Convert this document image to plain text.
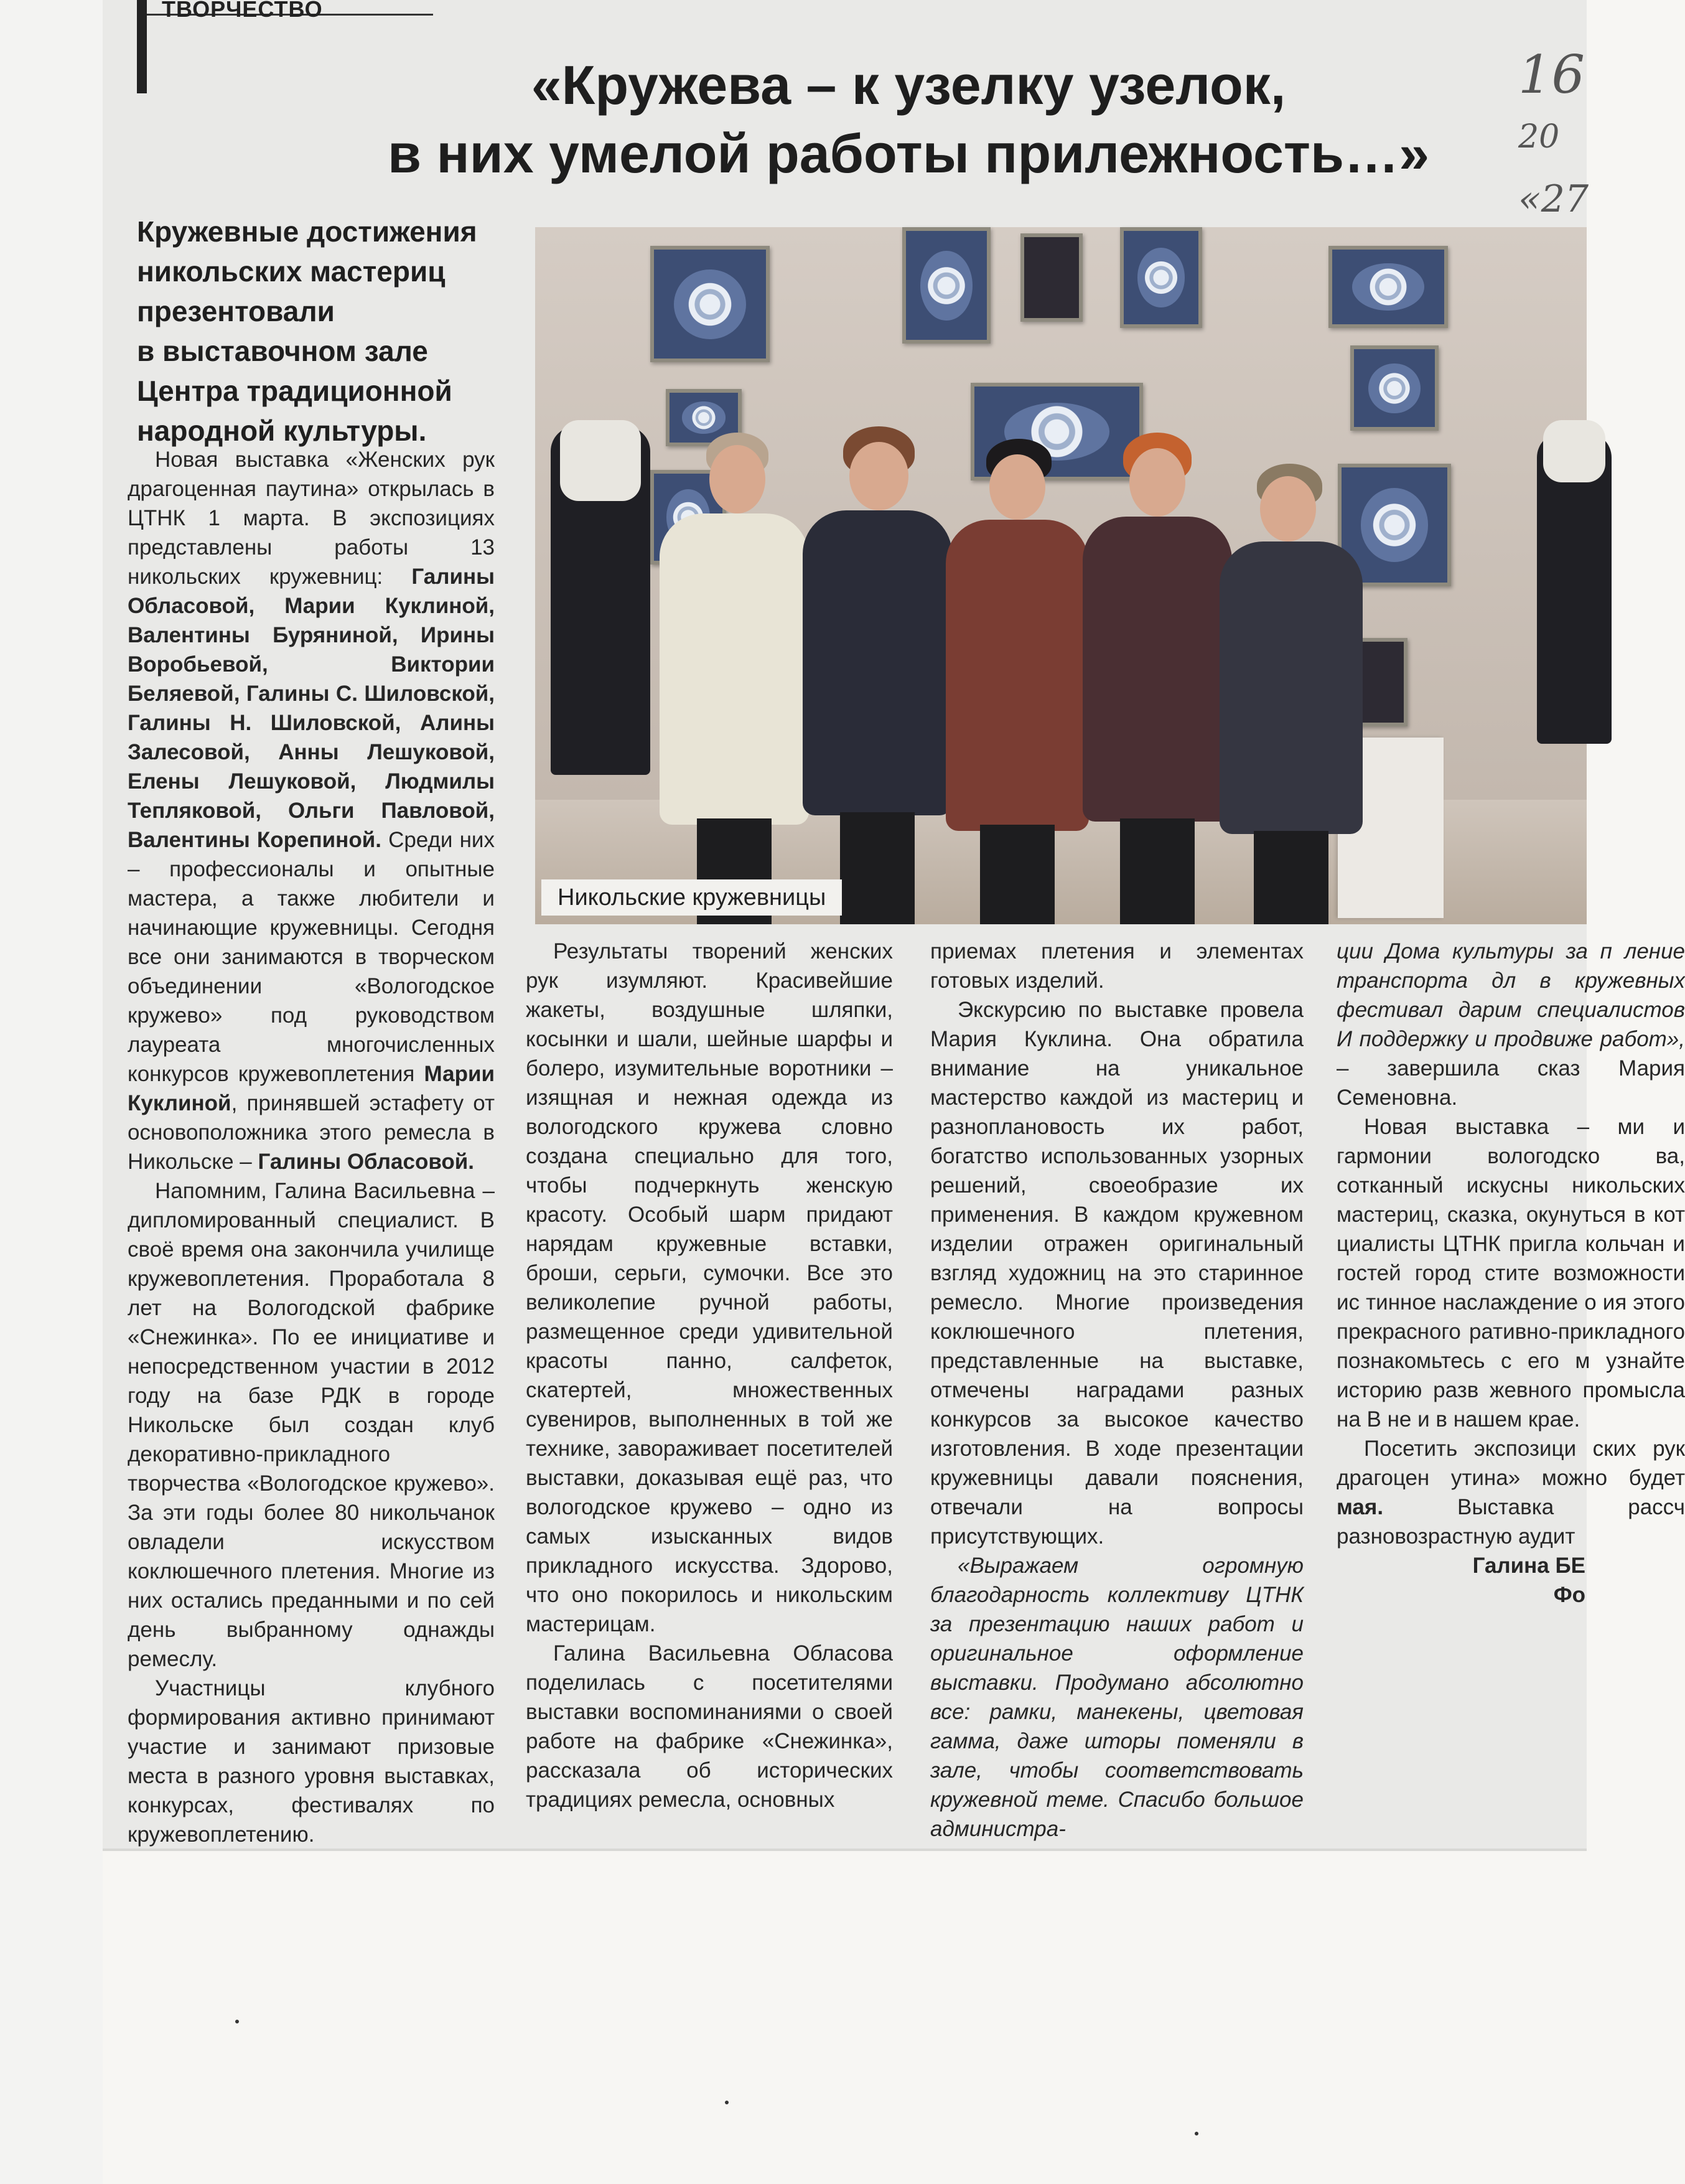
ТВОРЧЕСТВО
16
20
«27
«Кружева – к узелку узелок,
в них умелой работы прилежность…»
Кружевные достижения
никольских мастериц
презентовали
в выставочном зале
Центра традиционной
народной культуры.

Новая выставка «Женских рук драгоценная паутина» открылась в ЦТНК 1 марта. В экспозициях представлены работы 13 никольских кружевниц: Галины Обласовой, Марии Куклиной, Валентины Буряниной, Ирины Воробьевой, Виктории Беляевой, Галины С. Шиловской, Галины Н. Шиловской, Алины Залесовой, Анны Лешуковой, Елены Лешуковой, Людмилы Тепляковой, Ольги Павловой, Валентины Корепиной. Среди них – профессионалы и опытные мастера, а также любители и начинающие кружевницы. Сегодня все они занимаются в творческом объединении «Вологодское кружево» под руководством лауреата многочисленных конкурсов кружевоплетения Марии Куклиной, принявшей эстафету от основоположника этого ремесла в Никольске – Галины Обласовой.

Напомним, Галина Васильевна – дипломированный специалист. В своё время она закончила училище кружевоплетения. Проработала 8 лет на Вологодской фабрике «Снежинка». По ее инициативе и непосредственном участии в 2012 году на базе РДК в городе Никольске был создан клуб декоративно-прикладного творчества «Вологодское кружево». За эти годы более 80 никольчанок овладели искусством коклюшечного плетения. Многие из них остались преданными и по сей день выбранному однажды ремеслу.

Участницы клубного формирования активно принимают участие и занимают призовые места в разного уровня выставках, конкурсах, фестивалях по кружевоплетению.

Никольские кружевницы

Результаты творений женских рук изумляют. Красивейшие жакеты, воздушные шляпки, косынки и шали, шейные шарфы и болеро, изумительные воротники – изящная и нежная одежда из вологодского кружева словно создана специально для того, чтобы подчеркнуть женскую красоту. Особый шарм придают нарядам кружевные вставки, броши, серьги, сумочки. Все это великолепие ручной работы, размещенное среди удивительной красоты панно, салфеток, скатертей, множественных сувениров, выполненных в той же технике, завораживает посетителей выставки, доказывая ещё раз, что вологодское кружево – одно из самых изысканных видов прикладного искусства. Здорово, что оно покорилось и никольским мастерицам.

Галина Васильевна Обласова поделилась с посетителями выставки воспоминаниями о своей работе на фабрике «Снежинка», рассказала об исторических традициях ремесла, основных

приемах плетения и элементах готовых изделий.

Экскурсию по выставке провела Мария Куклина. Она обратила внимание на уникальное мастерство каждой из мастериц и разноплановость их работ, богатство использованных узорных решений, своеобразие их применения. В каждом кружевном изделии отражен оригинальный взгляд художниц на это старинное ремесло. Многие произведения коклюшечного плетения, представленные на выставке, отмечены наградами разных конкурсов за высокое качество изготовления. В ходе презентации кружевницы давали пояснения, отвечали на вопросы присутствующих.

«Выражаем огромную благодарность коллективу ЦТНК за презентацию наших работ и оригинальное оформление выставки. Продумано абсолютно все: рамки, манекены, цветовая гамма, даже шторы поменяли в зале, чтобы соответствовать кружевной теме. Спасибо большое администра-

ции Дома культуры за п ление транспорта дл в кружевных фестивал дарим специалистов И поддержку и продвиже работ», – завершила сказ Мария Семеновна.

Новая выставка – ми и гармонии вологодско ва, сотканный искусны никольских мастериц, сказка, окунуться в кот циалисты ЦТНК пригла кольчан и гостей город стите возможности ис тинное наслаждение о ия этого прекрасного ративно-прикладного познакомьтесь с его м узнайте историю разв жевного промысла на В не и в нашем крае.

Посетить экспозици ских рук драгоцен утина» можно будет мая. Выставка рассч разновозрастную аудит

Галина БЕ

Фо
